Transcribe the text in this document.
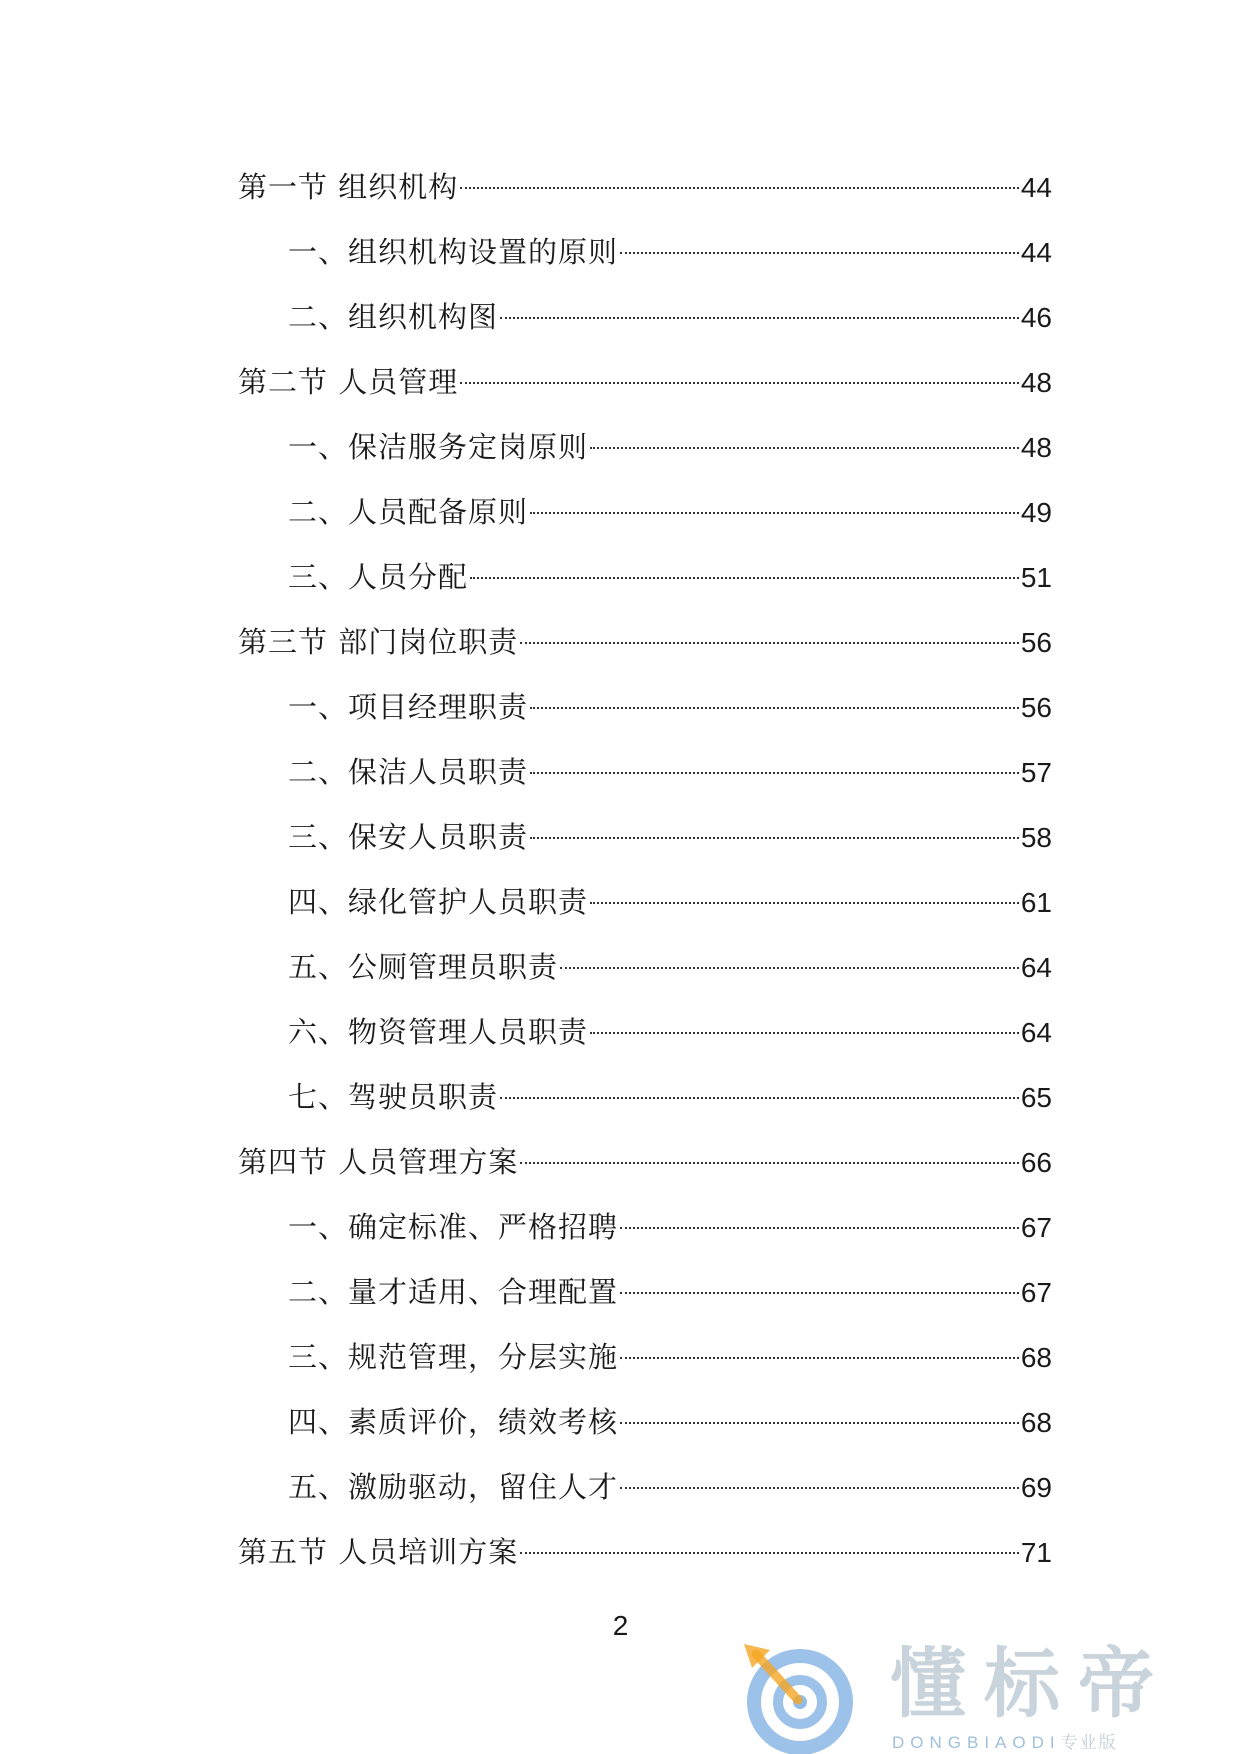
第一节 组织机构	44
一、组织机构设置的原则	44
二、组织机构图	46
第二节 人员管理	48
一、保洁服务定岗原则	48
二、人员配备原则	49
三、人员分配	51
第三节 部门岗位职责	56
一、项目经理职责	56
二、保洁人员职责	57
三、保安人员职责	58
四、绿化管护人员职责	61
五、公厕管理员职责	64
六、物资管理人员职责	64
七、驾驶员职责	65
第四节 人员管理方案	66
一、确定标准、严格招聘	67
二、量才适用、合理配置	67
三、规范管理，分层实施	68
四、素质评价，绩效考核	68
五、激励驱动，留住人才	69
第五节 人员培训方案	71
2
懂标帝
DONGBIAODI专业版
